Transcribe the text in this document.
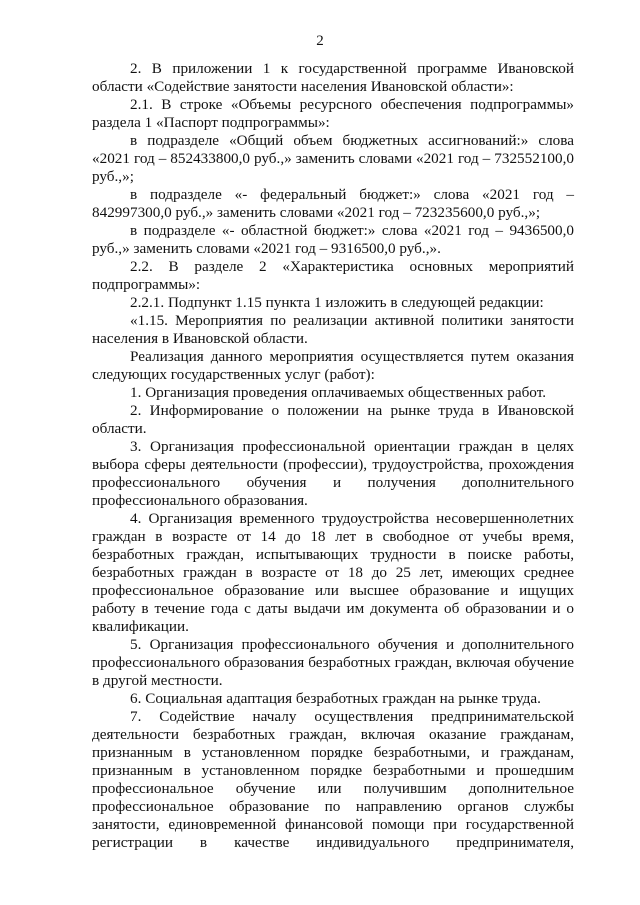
2

2. В приложении 1 к государственной программе Ивановской области «Содействие занятости населения Ивановской области»:

2.1. В строке «Объемы ресурсного обеспечения подпрограммы» раздела 1 «Паспорт подпрограммы»:

в подразделе «Общий объем бюджетных ассигнований:» слова «2021 год – 852433800,0 руб.,» заменить словами «2021 год – 732552100,0 руб.,»;

в подразделе «- федеральный бюджет:» слова «2021 год – 842997300,0 руб.,» заменить словами «2021 год – 723235600,0 руб.,»;

в подразделе «- областной бюджет:» слова «2021 год – 9436500,0 руб.,» заменить словами «2021 год – 9316500,0 руб.,».

2.2. В разделе 2 «Характеристика основных мероприятий подпрограммы»:

2.2.1. Подпункт 1.15 пункта 1 изложить в следующей редакции:

«1.15. Мероприятия по реализации активной политики занятости населения в Ивановской области.

Реализация данного мероприятия осуществляется путем оказания следующих государственных услуг (работ):

1. Организация проведения оплачиваемых общественных работ.

2. Информирование о положении на рынке труда в Ивановской области.

3. Организация профессиональной ориентации граждан в целях выбора сферы деятельности (профессии), трудоустройства, прохождения профессионального обучения и получения дополнительного профессионального образования.

4. Организация временного трудоустройства несовершеннолетних граждан в возрасте от 14 до 18 лет в свободное от учебы время, безработных граждан, испытывающих трудности в поиске работы, безработных граждан в возрасте от 18 до 25 лет, имеющих среднее профессиональное образование или высшее образование и ищущих работу в течение года с даты выдачи им документа об образовании и о квалификации.

5. Организация профессионального обучения и дополнительного профессионального образования безработных граждан, включая обучение в другой местности.

6. Социальная адаптация безработных граждан на рынке труда.

7. Содействие началу осуществления предпринимательской деятельности безработных граждан, включая оказание гражданам, признанным в установленном порядке безработными, и гражданам, признанным в установленном порядке безработными и прошедшим профессиональное обучение или получившим дополнительное профессиональное образование по направлению органов службы занятости, единовременной финансовой помощи при государственной регистрации в качестве индивидуального предпринимателя,
